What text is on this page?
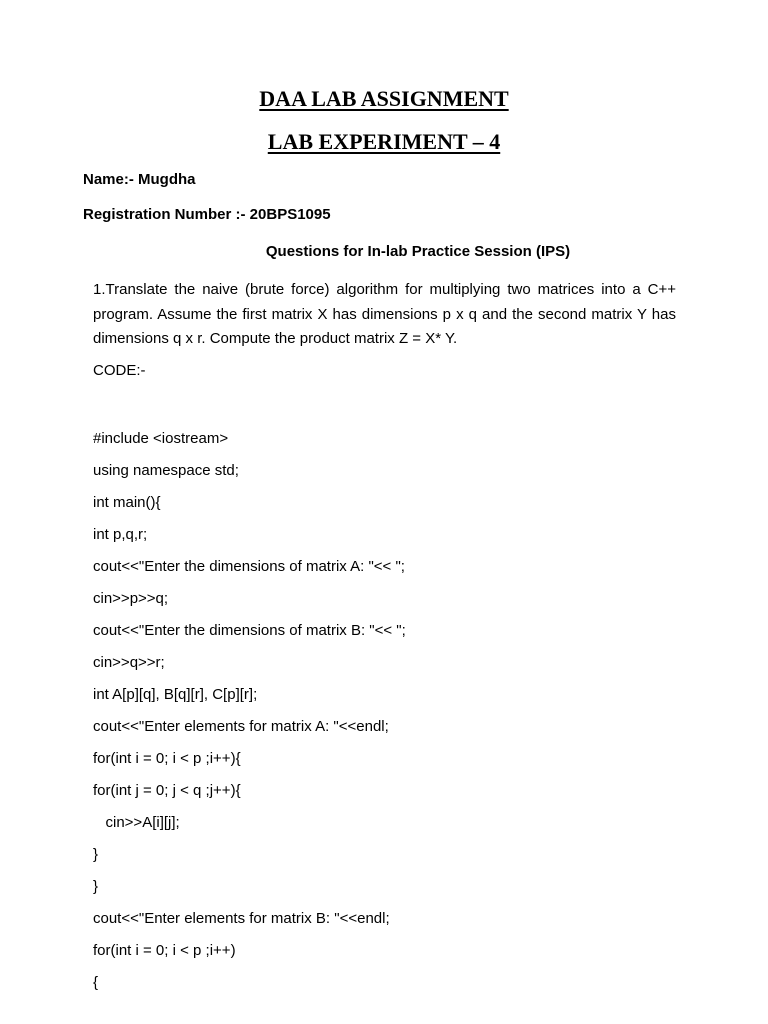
DAA LAB ASSIGNMENT
LAB EXPERIMENT – 4
Name:- Mugdha
Registration Number :- 20BPS1095
Questions for In-lab Practice Session (IPS)
1.Translate the naive (brute force) algorithm for multiplying two matrices into a C++ program. Assume the first matrix X has dimensions p x q and the second matrix Y has dimensions q x r. Compute the product matrix Z = X* Y.
CODE:-
#include <iostream>
using namespace std;
int main(){
int p,q,r;
cout<<"Enter the dimensions of matrix A: "<< ";
cin>>p>>q;
cout<<"Enter the dimensions of matrix B: "<< ";
cin>>q>>r;
int A[p][q], B[q][r], C[p][r];
cout<<"Enter elements for matrix A: "<<endl;
for(int i = 0; i < p ;i++){
for(int j = 0; j < q ;j++){
cin>>A[i][j];
}
}
cout<<"Enter elements for matrix B: "<<endl;
for(int i = 0; i < p ;i++)
{
